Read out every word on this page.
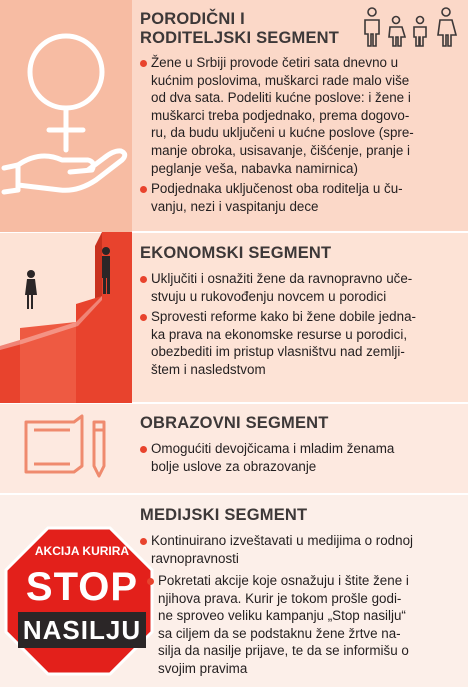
AKCIJA KURIRA
STOP
NASILJU
PORODIČNI I
RODITELJSKI SEGMENT
Žene u Srbiji provode četiri sata dnevno u
kućnim poslovima, muškarci rade malo više
od dva sata. Podeliti kućne poslove: i žene i
muškarci treba podjednako, prema dogovo-
ru, da budu uključeni u kućne poslove (spre-
manje obroka, usisavanje, čišćenje, pranje i
peglanje veša, nabavka namirnica)
Podjednaka uključenost oba roditelja u ču-
vanju, nezi i vaspitanju dece
EKONOMSKI SEGMENT
Uključiti i osnažiti žene da ravnopravno uče-
stvuju u rukovođenju novcem u porodici
Sprovesti reforme kako bi žene dobile jedna-
ka prava na ekonomske resurse u porodici,
obezbediti im pristup vlasništvu nad zemlji-
štem i nasledstvom
OBRAZOVNI SEGMENT
Omogućiti devojčicama i mladim ženama
bolje uslove za obrazovanje
MEDIJSKI SEGMENT
Kontinuirano izveštavati u medijima o rodnoj
ravnopravnosti
Pokretati akcije koje osnažuju i štite žene i
njihova prava. Kurir je tokom prošle godi-
ne sproveo veliku kampanju „Stop nasilju“
sa ciljem da se podstaknu žene žrtve na-
silja da nasilje prijave, te da se informišu o
svojim pravima
